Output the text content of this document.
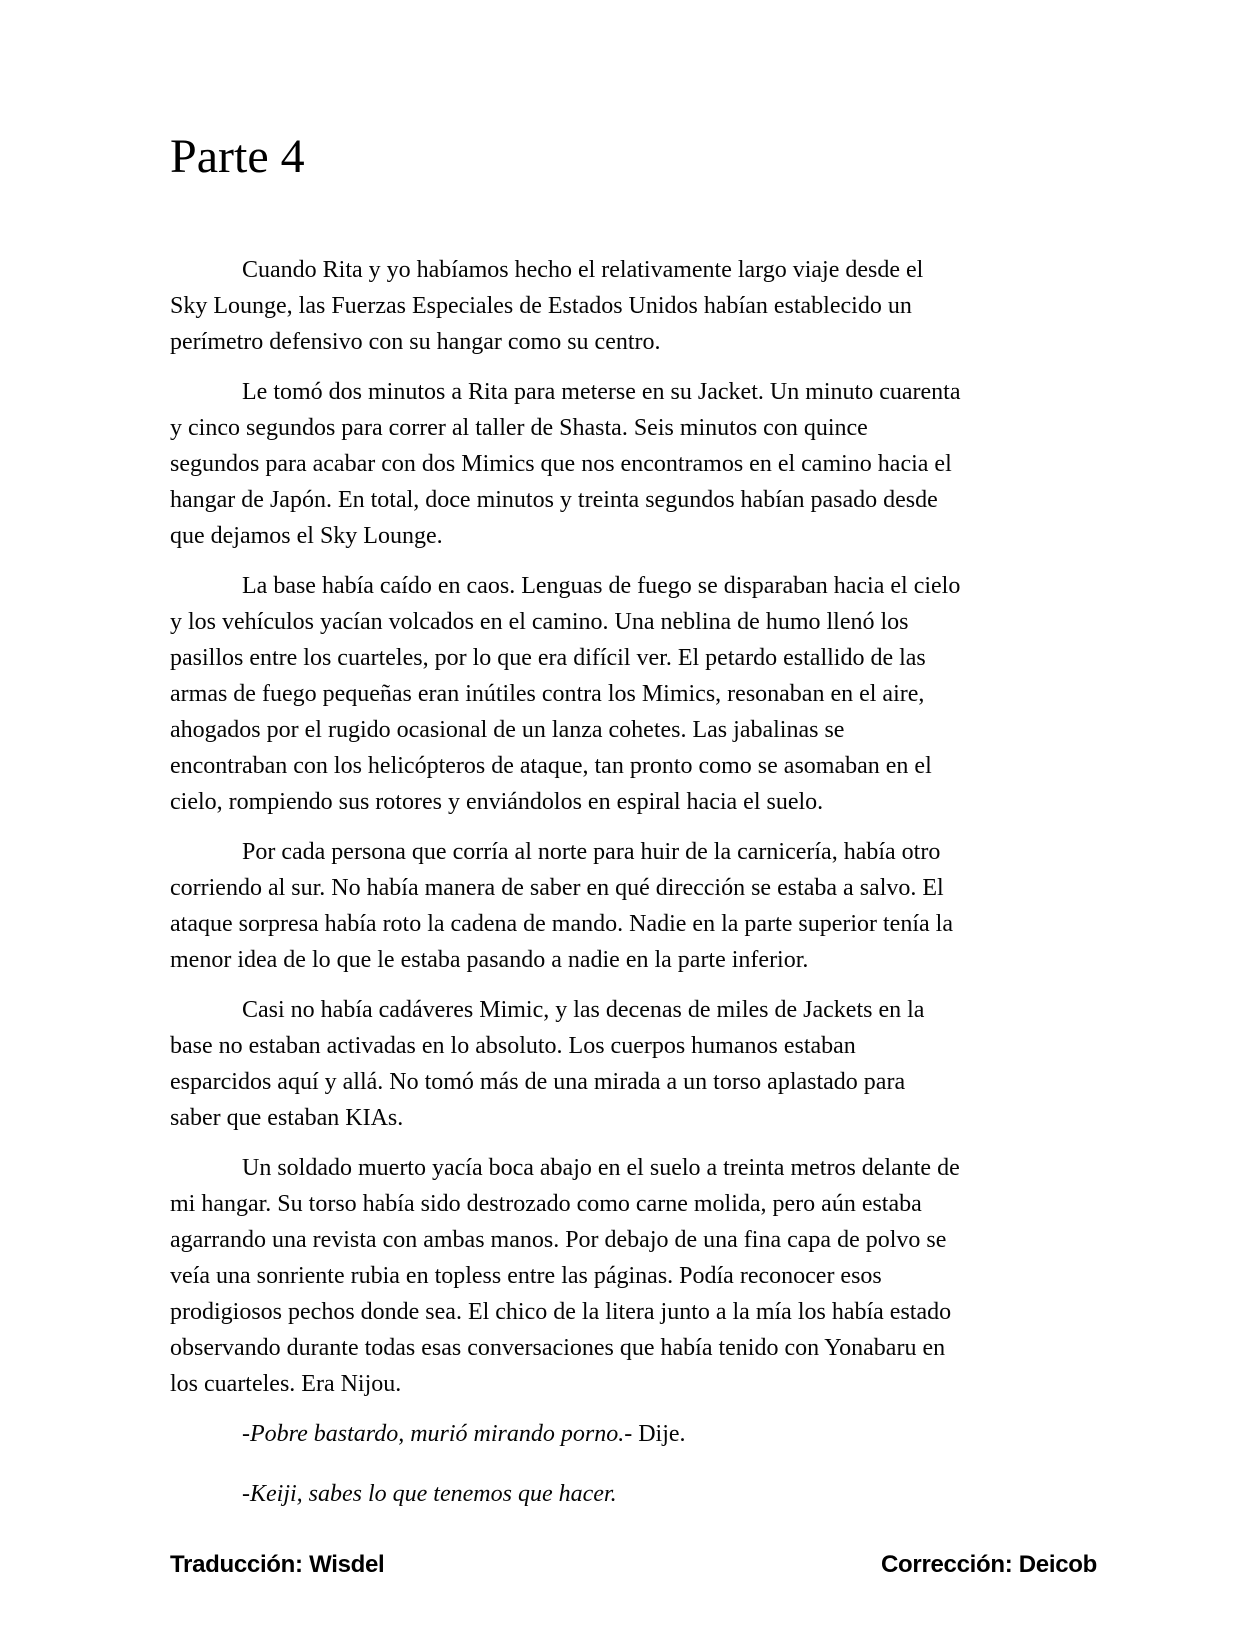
Parte 4

Cuando Rita y yo habíamos hecho el relativamente largo viaje desde el
Sky Lounge, las Fuerzas Especiales de Estados Unidos habían establecido un
perímetro defensivo con su hangar como su centro.

Le tomó dos minutos a Rita para meterse en su Jacket. Un minuto cuarenta
y cinco segundos para correr al taller de Shasta. Seis minutos con quince
segundos para acabar con dos Mimics que nos encontramos en el camino hacia el
hangar de Japón. En total, doce minutos y treinta segundos habían pasado desde
que dejamos el Sky Lounge.

La base había caído en caos. Lenguas de fuego se disparaban hacia el cielo
y los vehículos yacían volcados en el camino. Una neblina de humo llenó los
pasillos entre los cuarteles, por lo que era difícil ver. El petardo estallido de las
armas de fuego pequeñas eran inútiles contra los Mimics, resonaban en el aire,
ahogados por el rugido ocasional de un lanza cohetes. Las jabalinas se
encontraban con los helicópteros de ataque, tan pronto como se asomaban en el
cielo, rompiendo sus rotores y enviándolos en espiral hacia el suelo.

Por cada persona que corría al norte para huir de la carnicería, había otro
corriendo al sur. No había manera de saber en qué dirección se estaba a salvo. El
ataque sorpresa había roto la cadena de mando. Nadie en la parte superior tenía la
menor idea de lo que le estaba pasando a nadie en la parte inferior.

Casi no había cadáveres Mimic, y las decenas de miles de Jackets en la
base no estaban activadas en lo absoluto. Los cuerpos humanos estaban
esparcidos aquí y allá. No tomó más de una mirada a un torso aplastado para
saber que estaban KIAs.

Un soldado muerto yacía boca abajo en el suelo a treinta metros delante de
mi hangar. Su torso había sido destrozado como carne molida, pero aún estaba
agarrando una revista con ambas manos. Por debajo de una fina capa de polvo se
veía una sonriente rubia en topless entre las páginas. Podía reconocer esos
prodigiosos pechos donde sea. El chico de la litera junto a la mía los había estado
observando durante todas esas conversaciones que había tenido con Yonabaru en
los cuarteles. Era Nijou.

-Pobre bastardo, murió mirando porno.- Dije.

-Keiji, sabes lo que tenemos que hacer.

Traducción: Wisdel	Corrección: Deicob
